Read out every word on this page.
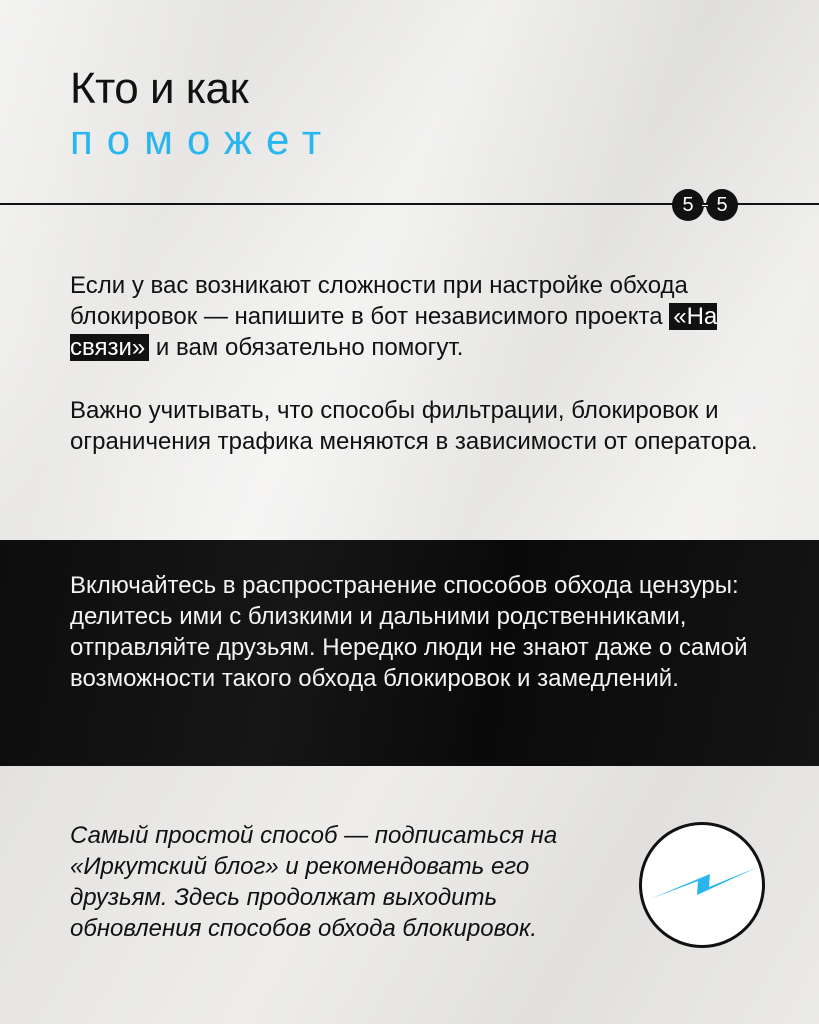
Кто и как
поможет
5	5

Если у вас возникают сложности при настройке обхода блокировок — напишите в бот независимого проекта «На связи» и вам обязательно помогут.

Важно учитывать, что способы фильтрации, блокировок и ограничения трафика меняются в зависимости от оператора.

Включайтесь в распространение способов обхода цензуры: делитесь ими с близкими и дальними родственниками, отправляйте друзьям. Нередко люди не знают даже о самой возможности такого обхода блокировок и замедлений.

Самый простой способ — подписаться на «Иркутский блог» и рекомендовать его друзьям. Здесь продолжат выходить обновления способов обхода блокировок.
